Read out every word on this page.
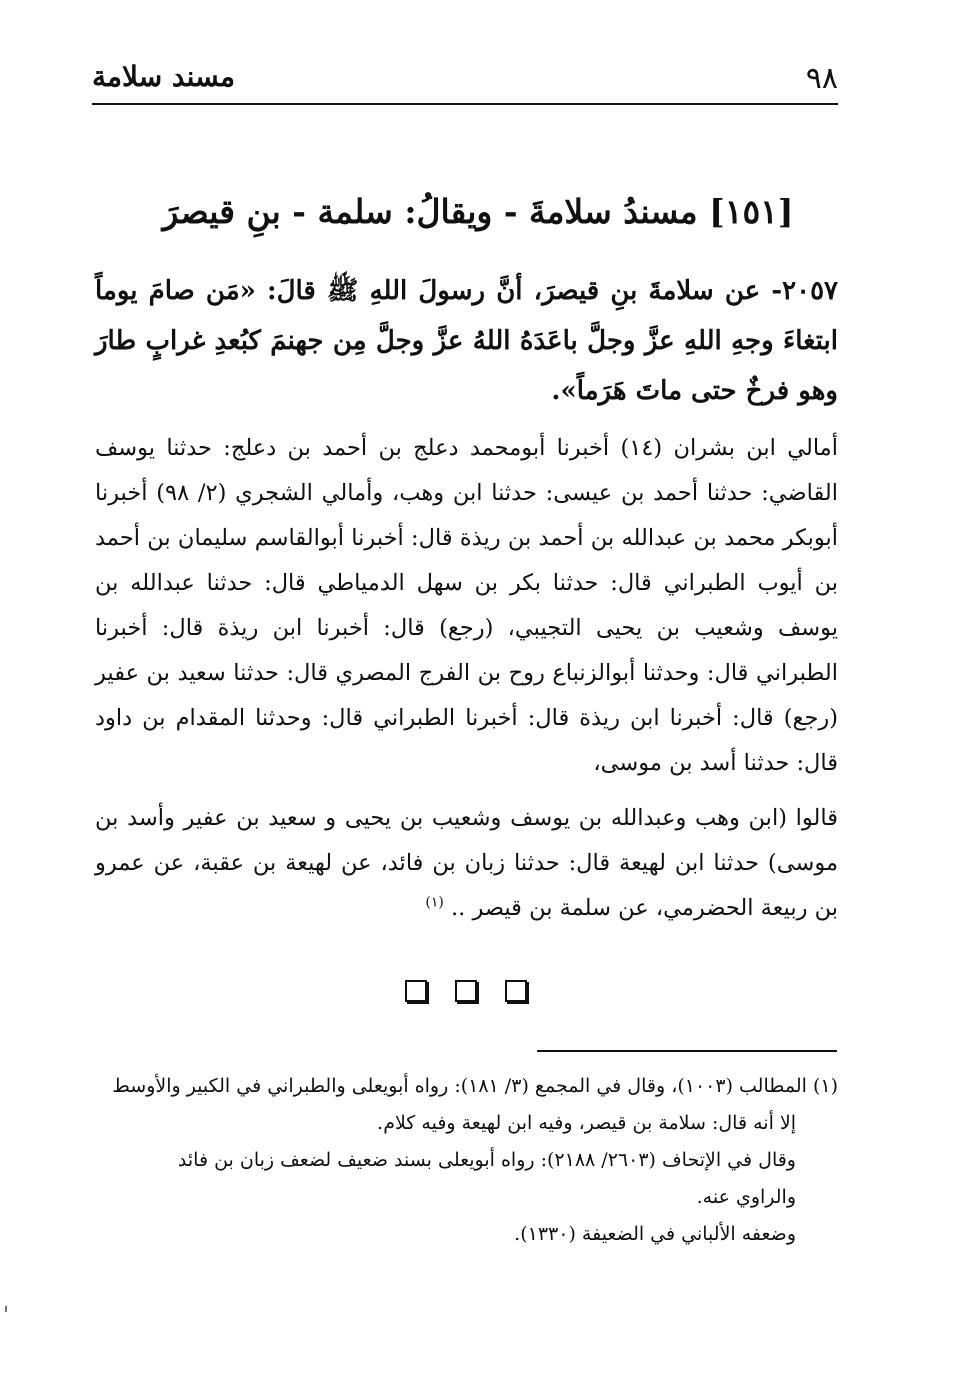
مسند سلامة	٩٨
[١٥١] مسندُ سلامةَ - ويقالُ: سلمة - بنِ قيصرَ
٢٠٥٧- عن سلامةَ بنِ قيصرَ، أنَّ رسولَ اللهِ ﷺ قالَ: «مَن صامَ يوماً ابتغاءَ وجهِ اللهِ عزَّ وجلَّ باعَدَهُ اللهُ عزَّ وجلَّ مِن جهنمَ كبُعدِ غرابٍ طارَ وهو فرخٌ حتى ماتَ هَرَماً».

أمالي ابن بشران (١٤) أخبرنا أبومحمد دعلج بن أحمد بن دعلج: حدثنا يوسف القاضي: حدثنا أحمد بن عيسى: حدثنا ابن وهب، وأمالي الشجري (٢/ ٩٨) أخبرنا أبوبكر محمد بن عبدالله بن أحمد بن ريذة قال: أخبرنا أبوالقاسم سليمان بن أحمد بن أيوب الطبراني قال: حدثنا بكر بن سهل الدمياطي قال: حدثنا عبدالله بن يوسف وشعيب بن يحيى التجيبي، (رجع) قال: أخبرنا ابن ريذة قال: أخبرنا الطبراني قال: وحدثنا أبوالزنباع روح بن الفرج المصري قال: حدثنا سعيد بن عفير (رجع) قال: أخبرنا ابن ريذة قال: أخبرنا الطبراني قال: وحدثنا المقدام بن داود قال: حدثنا أسد بن موسى،

قالوا (ابن وهب وعبدالله بن يوسف وشعيب بن يحيى و سعيد بن عفير وأسد بن موسى) حدثنا ابن لهيعة قال: حدثنا زبان بن فائد، عن لهيعة بن عقبة، عن عمرو بن ربيعة الحضرمي، عن سلمة بن قيصر .. $^{(١)}$

(١) المطالب (١٠٠٣)، وقال في المجمع (٣/ ١٨١): رواه أبويعلى والطبراني في الكبير والأوسط

إلا أنه قال: سلامة بن قيصر، وفيه ابن لهيعة وفيه كلام.

وقال في الإتحاف (٢٦٠٣/ ٢١٨٨): رواه أبويعلى بسند ضعيف لضعف زبان بن فائد

والراوي عنه.

وضعفه الألباني في الضعيفة (١٣٣٠).
